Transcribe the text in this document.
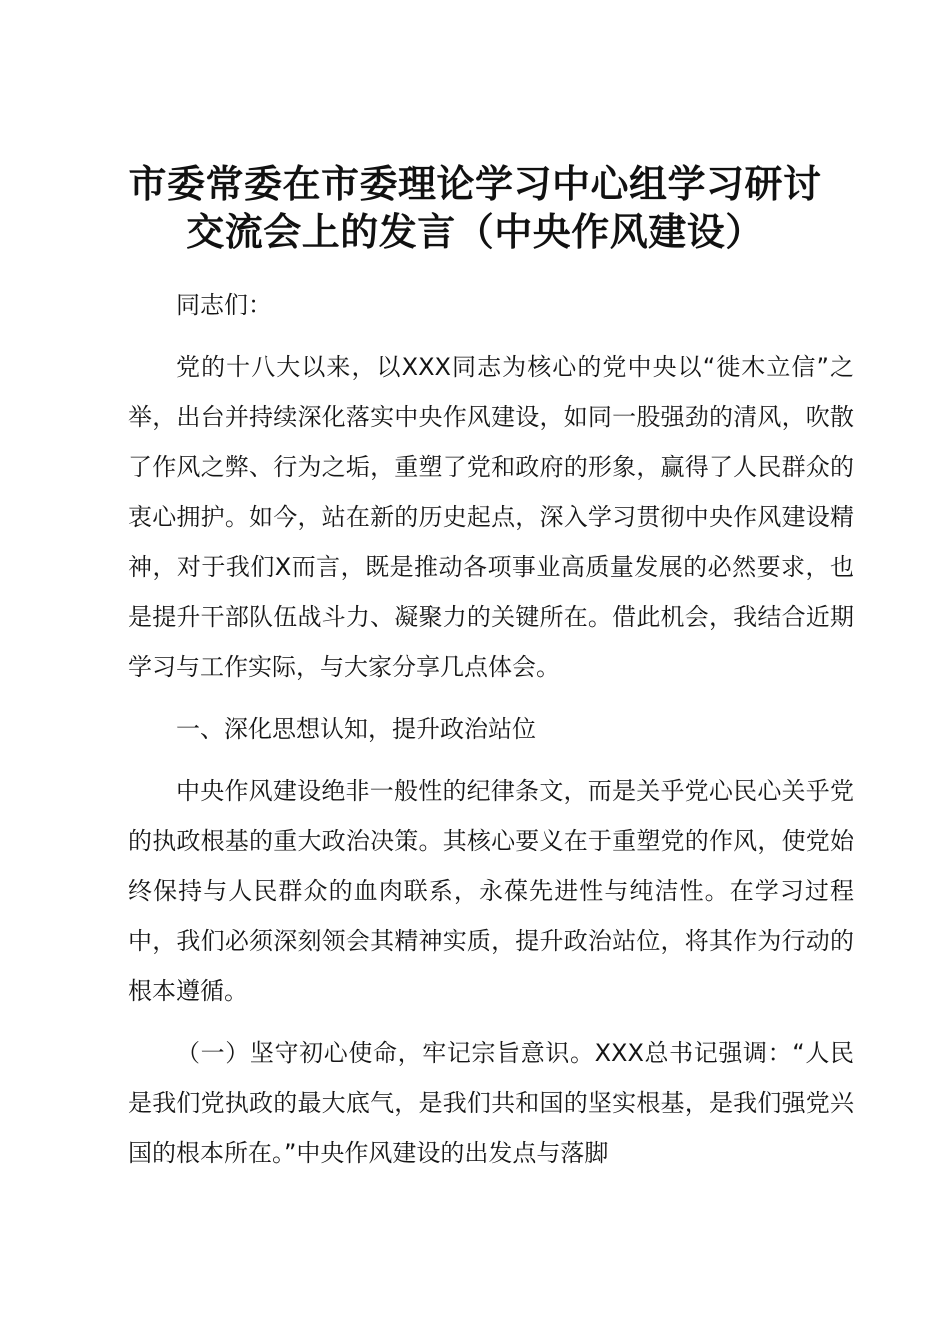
市委常委在市委理论学习中心组学习研讨交流会上的发言（中央作风建设）

同志们：

党的十八大以来，以XXX同志为核心的党中央以“徙木立信”之举，出台并持续深化落实中央作风建设，如同一股强劲的清风，吹散了作风之弊、行为之垢，重塑了党和政府的形象，赢得了人民群众的衷心拥护。如今，站在新的历史起点，深入学习贯彻中央作风建设精神，对于我们X而言，既是推动各项事业高质量发展的必然要求，也是提升干部队伍战斗力、凝聚力的关键所在。借此机会，我结合近期学习与工作实际，与大家分享几点体会。

一、深化思想认知，提升政治站位

中央作风建设绝非一般性的纪律条文，而是关乎党心民心关乎党的执政根基的重大政治决策。其核心要义在于重塑党的作风，使党始终保持与人民群众的血肉联系，永葆先进性与纯洁性。在学习过程中，我们必须深刻领会其精神实质，提升政治站位，将其作为行动的根本遵循。

（一）坚守初心使命，牢记宗旨意识。XXX总书记强调：“人民是我们党执政的最大底气，是我们共和国的坚实根基，是我们强党兴国的根本所在。”中央作风建设的出发点与落脚
